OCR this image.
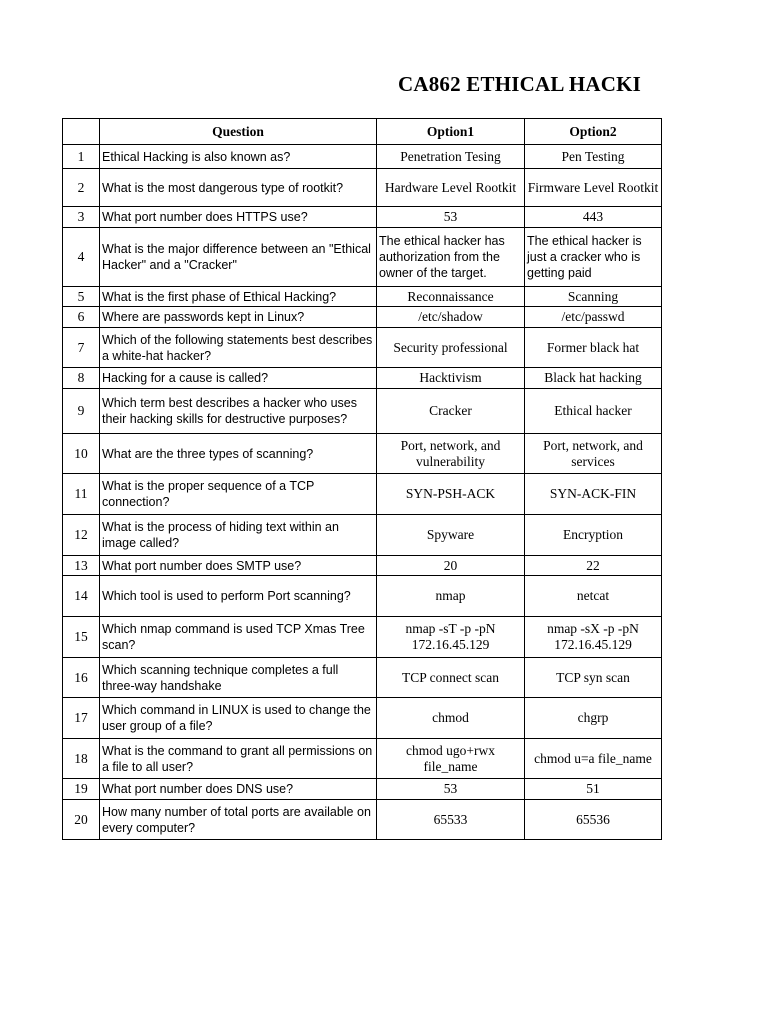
CA862 ETHICAL HACKI
	Question	Option1	Option2
1	Ethical Hacking is also known as?	Penetration Tesing	Pen Testing
2	What is the most dangerous type of rootkit?	Hardware Level Rootkit	Firmware Level Rootkit
3	What port number does HTTPS use?	53	443
4	What is the major difference between an "Ethical Hacker" and a "Cracker"	The ethical hacker has authorization from the owner of the target.	The ethical hacker is just a cracker who is getting paid
5	What is the first phase of Ethical Hacking?	Reconnaissance	Scanning
6	Where are passwords kept in Linux?	/etc/shadow	/etc/passwd
7	Which of the following statements best describes a white-hat hacker?	Security professional	Former black hat
8	Hacking for a cause is called?	Hacktivism	Black hat hacking
9	Which term best describes a hacker who uses their hacking skills for destructive purposes?	Cracker	Ethical hacker
10	What are the three types of scanning?	Port, network, and vulnerability	Port, network, and services
11	What is the proper sequence of a TCP connection?	SYN-PSH-ACK	SYN-ACK-FIN
12	What is the process of hiding text within an image called?	Spyware	Encryption
13	What port number does SMTP use?	20	22
14	Which tool is used to perform Port scanning?	nmap	netcat
15	Which nmap command is used TCP Xmas Tree scan?	nmap -sT -p -pN 172.16.45.129	nmap -sX -p -pN 172.16.45.129
16	Which scanning technique completes a full three-way handshake	TCP connect scan	TCP syn scan
17	Which command in LINUX is used to change the user group of a file?	chmod	chgrp
18	What is the command to grant all permissions on a file to all user?	chmod ugo+rwx file_name	chmod u=a file_name
19	What port number does DNS use?	53	51
20	How many number of total ports are available on every computer?	65533	65536
